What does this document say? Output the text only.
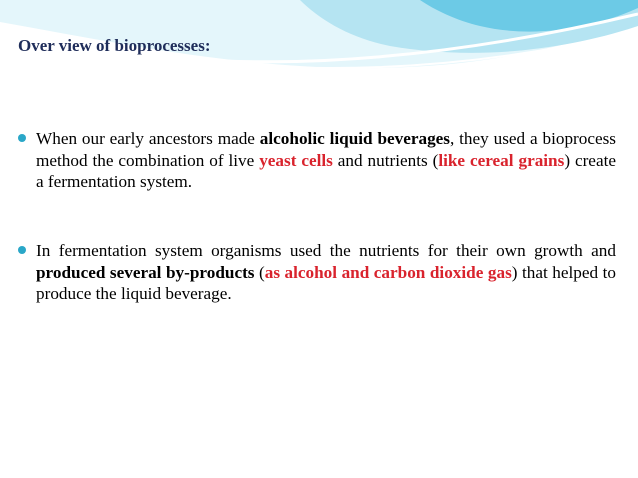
Over view of bioprocesses:
When our early ancestors made alcoholic liquid beverages, they used a bioprocess method the combination of live yeast cells and nutrients (like cereal grains) create a fermentation system.
In fermentation system organisms used the nutrients for their own growth and produced several by-products (as alcohol and carbon dioxide gas) that helped to produce the liquid beverage.
